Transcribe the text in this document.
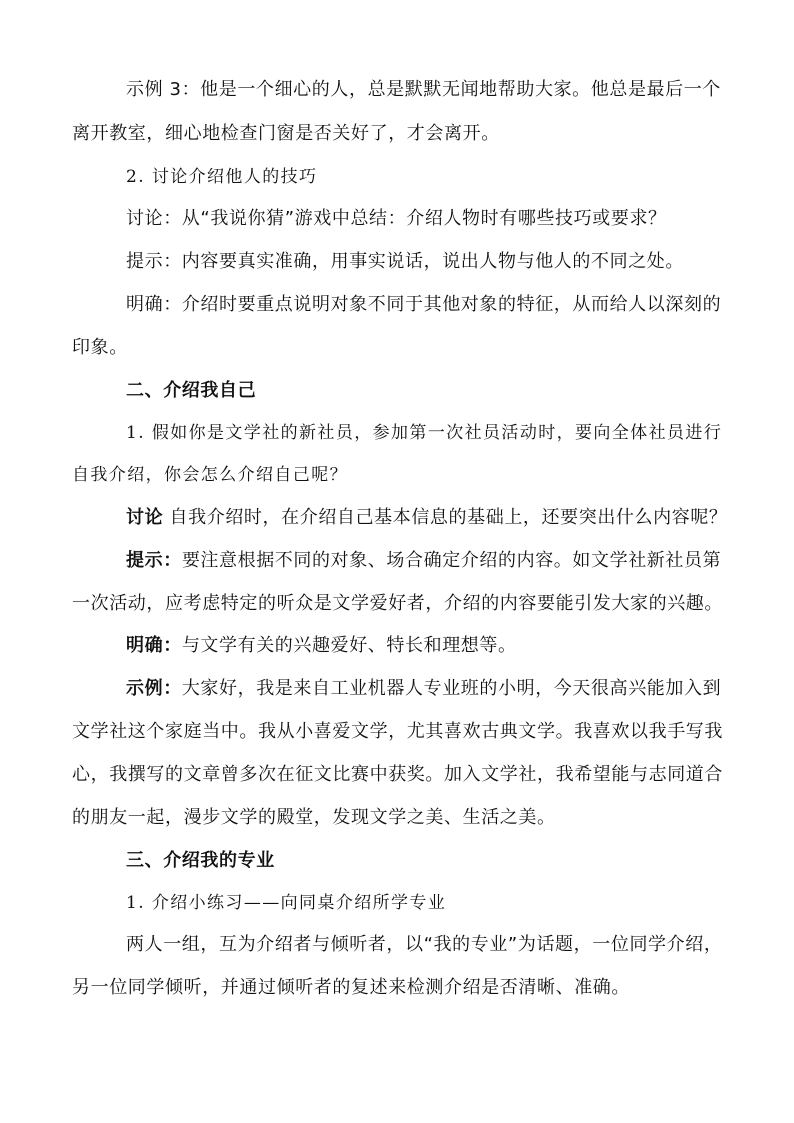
示例 3：他是一个细心的人，总是默默无闻地帮助大家。他总是最后一个
离开教室，细心地检查门窗是否关好了，才会离开。
2. 讨论介绍他人的技巧
讨论：从“我说你猜”游戏中总结：介绍人物时有哪些技巧或要求？
提示：内容要真实准确，用事实说话，说出人物与他人的不同之处。
明确：介绍时要重点说明对象不同于其他对象的特征，从而给人以深刻的
印象。
二、介绍我自己
1. 假如你是文学社的新社员，参加第一次社员活动时，要向全体社员进行
自我介绍，你会怎么介绍自己呢？
讨论 自我介绍时，在介绍自己基本信息的基础上，还要突出什么内容呢？
提示：要注意根据不同的对象、场合确定介绍的内容。如文学社新社员第
一次活动，应考虑特定的听众是文学爱好者，介绍的内容要能引发大家的兴趣。
明确：与文学有关的兴趣爱好、特长和理想等。
示例：大家好，我是来自工业机器人专业班的小明，今天很高兴能加入到
文学社这个家庭当中。我从小喜爱文学，尤其喜欢古典文学。我喜欢以我手写我
心，我撰写的文章曾多次在征文比赛中获奖。加入文学社，我希望能与志同道合
的朋友一起，漫步文学的殿堂，发现文学之美、生活之美。
三、介绍我的专业
1. 介绍小练习——向同桌介绍所学专业
两人一组，互为介绍者与倾听者，以“我的专业”为话题，一位同学介绍，
另一位同学倾听，并通过倾听者的复述来检测介绍是否清晰、准确。
